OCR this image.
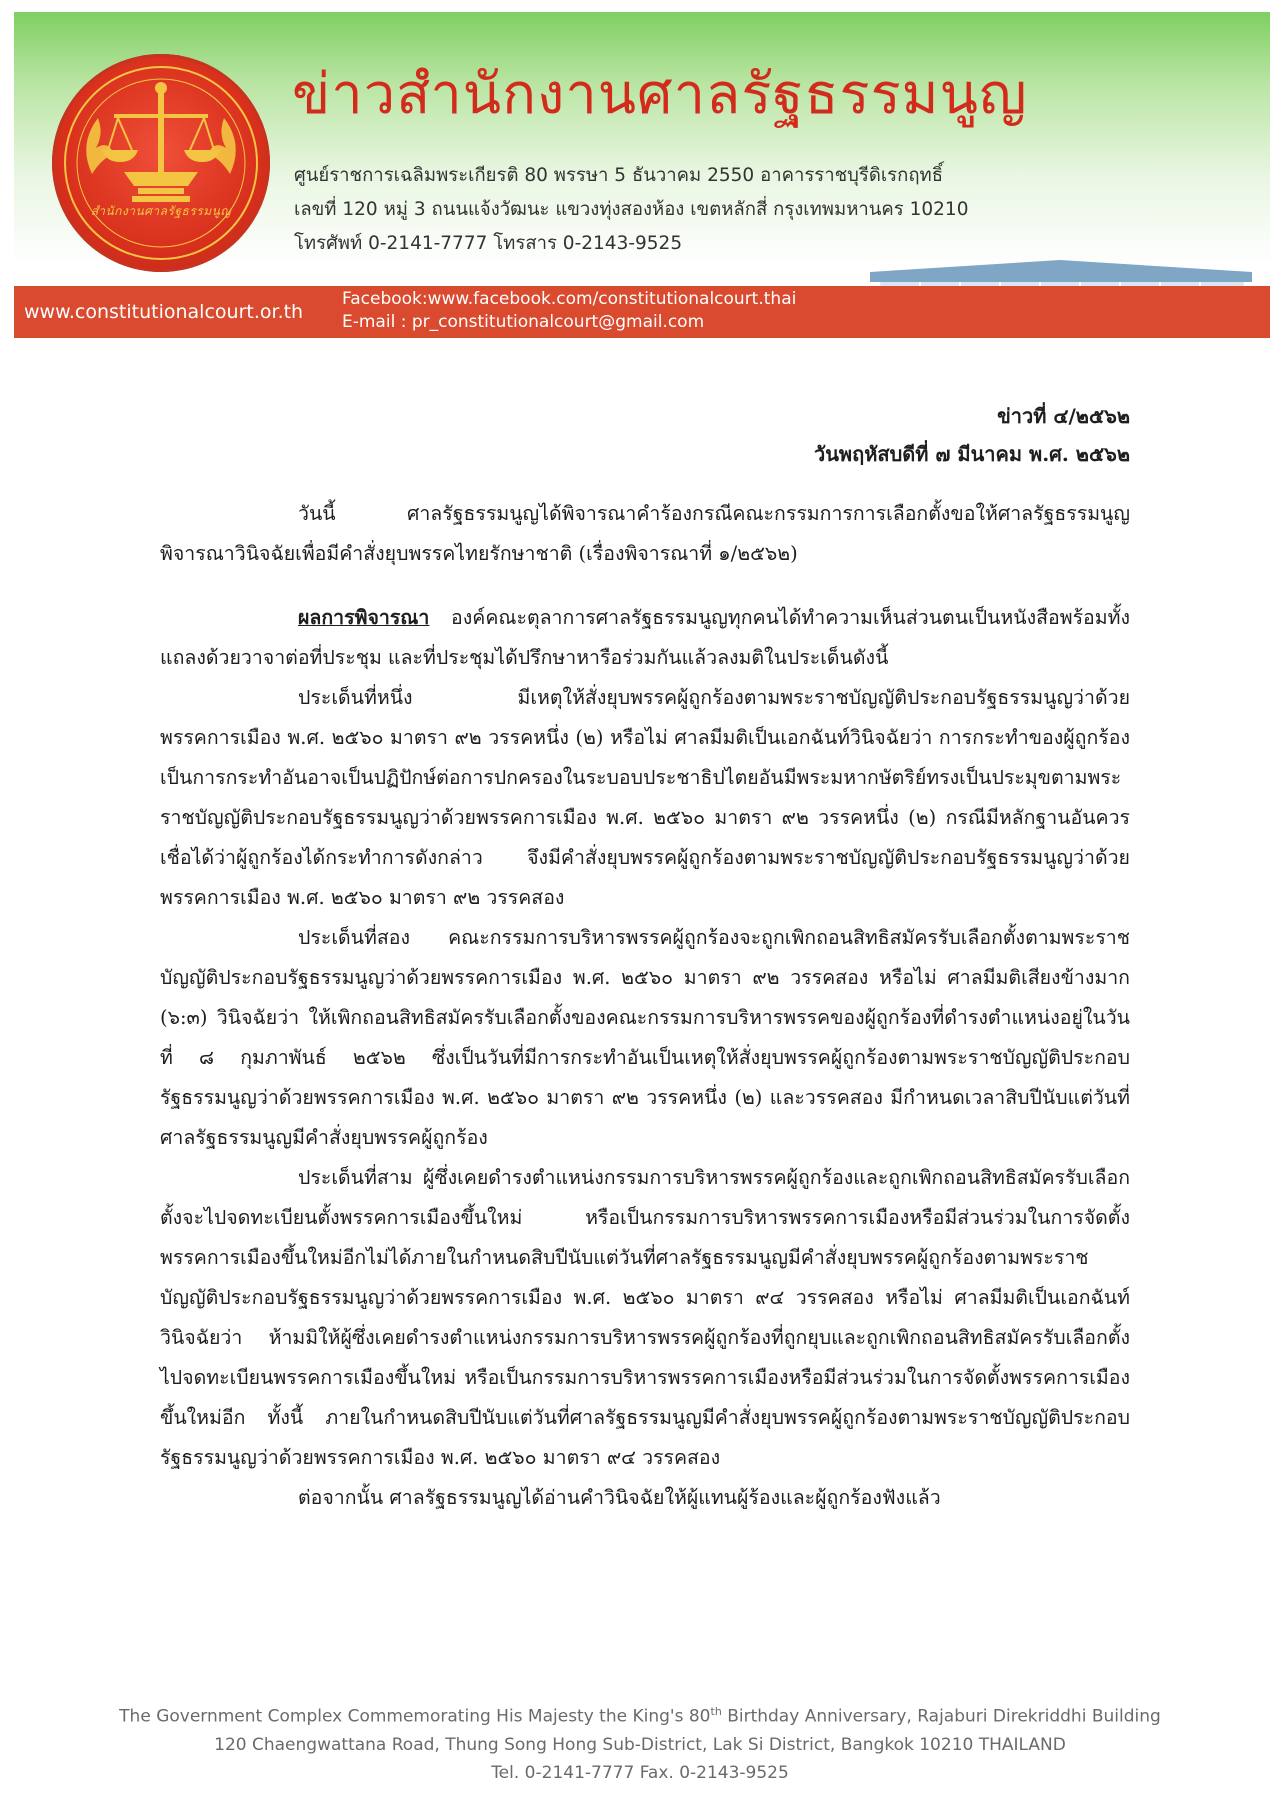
สำนักงานศาลรัฐธรรมนูญ
ข่าวสำนักงานศาลรัฐธรรมนูญ
ศูนย์ราชการเฉลิมพระเกียรติ 80 พรรษา 5 ธันวาคม 2550 อาคารราชบุรีดิเรกฤทธิ์
เลขที่ 120 หมู่ 3 ถนนแจ้งวัฒนะ แขวงทุ่งสองห้อง เขตหลักสี่ กรุงเทพมหานคร 10210
โทรศัพท์ 0-2141-7777 โทรสาร 0-2143-9525
www.constitutionalcourt.or.th
Facebook:www.facebook.com/constitutionalcourt.thai
E-mail : pr_constitutionalcourt@gmail.com
ข่าวที่ ๔/๒๕๖๒
วันพฤหัสบดีที่ ๗ มีนาคม พ.ศ. ๒๕๖๒

วันนี้ ศาลรัฐธรรมนูญได้พิจารณาคำร้องกรณีคณะกรรมการการเลือกตั้งขอให้ศาลรัฐธรรมนูญพิจารณาวินิจฉัยเพื่อมีคำสั่งยุบพรรคไทยรักษาชาติ (เรื่องพิจารณาที่ ๑/๒๕๖๒)

ผลการพิจารณา องค์คณะตุลาการศาลรัฐธรรมนูญทุกคนได้ทำความเห็นส่วนตนเป็นหนังสือพร้อมทั้งแถลงด้วยวาจาต่อที่ประชุม และที่ประชุมได้ปรึกษาหารือร่วมกันแล้วลงมติในประเด็นดังนี้

ประเด็นที่หนึ่ง มีเหตุให้สั่งยุบพรรคผู้ถูกร้องตามพระราชบัญญัติประกอบรัฐธรรมนูญว่าด้วยพรรคการเมือง พ.ศ. ๒๕๖๐ มาตรา ๙๒ วรรคหนึ่ง (๒) หรือไม่ ศาลมีมติเป็นเอกฉันท์วินิจฉัยว่า การกระทำของผู้ถูกร้องเป็นการกระทำอันอาจเป็นปฏิปักษ์ต่อการปกครองในระบอบประชาธิปไตยอันมีพระมหากษัตริย์ทรงเป็นประมุขตามพระราชบัญญัติประกอบรัฐธรรมนูญว่าด้วยพรรคการเมือง พ.ศ. ๒๕๖๐ มาตรา ๙๒ วรรคหนึ่ง (๒) กรณีมีหลักฐานอันควรเชื่อได้ว่าผู้ถูกร้องได้กระทำการดังกล่าว จึงมีคำสั่งยุบพรรคผู้ถูกร้องตามพระราชบัญญัติประกอบรัฐธรรมนูญว่าด้วยพรรคการเมือง พ.ศ. ๒๕๖๐ มาตรา ๙๒ วรรคสอง

ประเด็นที่สอง คณะกรรมการบริหารพรรคผู้ถูกร้องจะถูกเพิกถอนสิทธิสมัครรับเลือกตั้งตามพระราชบัญญัติประกอบรัฐธรรมนูญว่าด้วยพรรคการเมือง พ.ศ. ๒๕๖๐ มาตรา ๙๒ วรรคสอง หรือไม่ ศาลมีมติเสียงข้างมาก (๖:๓) วินิจฉัยว่า ให้เพิกถอนสิทธิสมัครรับเลือกตั้งของคณะกรรมการบริหารพรรคของผู้ถูกร้องที่ดำรงตำแหน่งอยู่ในวันที่ ๘ กุมภาพันธ์ ๒๕๖๒ ซึ่งเป็นวันที่มีการกระทำอันเป็นเหตุให้สั่งยุบพรรคผู้ถูกร้องตามพระราชบัญญัติประกอบรัฐธรรมนูญว่าด้วยพรรคการเมือง พ.ศ. ๒๕๖๐ มาตรา ๙๒ วรรคหนึ่ง (๒) และวรรคสอง มีกำหนดเวลาสิบปีนับแต่วันที่ศาลรัฐธรรมนูญมีคำสั่งยุบพรรคผู้ถูกร้อง

ประเด็นที่สาม ผู้ซึ่งเคยดำรงตำแหน่งกรรมการบริหารพรรคผู้ถูกร้องและถูกเพิกถอนสิทธิสมัครรับเลือกตั้งจะไปจดทะเบียนตั้งพรรคการเมืองขึ้นใหม่ หรือเป็นกรรมการบริหารพรรคการเมืองหรือมีส่วนร่วมในการจัดตั้งพรรคการเมืองขึ้นใหม่อีกไม่ได้ภายในกำหนดสิบปีนับแต่วันที่ศาลรัฐธรรมนูญมีคำสั่งยุบพรรคผู้ถูกร้องตามพระราชบัญญัติประกอบรัฐธรรมนูญว่าด้วยพรรคการเมือง พ.ศ. ๒๕๖๐ มาตรา ๙๔ วรรคสอง หรือไม่ ศาลมีมติเป็นเอกฉันท์วินิจฉัยว่า ห้ามมิให้ผู้ซึ่งเคยดำรงตำแหน่งกรรมการบริหารพรรคผู้ถูกร้องที่ถูกยุบและถูกเพิกถอนสิทธิสมัครรับเลือกตั้งไปจดทะเบียนพรรคการเมืองขึ้นใหม่ หรือเป็นกรรมการบริหารพรรคการเมืองหรือมีส่วนร่วมในการจัดตั้งพรรคการเมืองขึ้นใหม่อีก ทั้งนี้ ภายในกำหนดสิบปีนับแต่วันที่ศาลรัฐธรรมนูญมีคำสั่งยุบพรรคผู้ถูกร้องตามพระราชบัญญัติประกอบรัฐธรรมนูญว่าด้วยพรรคการเมือง พ.ศ. ๒๕๖๐ มาตรา ๙๔ วรรคสอง

ต่อจากนั้น ศาลรัฐธรรมนูญได้อ่านคำวินิจฉัยให้ผู้แทนผู้ร้องและผู้ถูกร้องฟังแล้ว

The Government Complex Commemorating His Majesty the King's 80th Birthday Anniversary, Rajaburi Direkriddhi Building
120 Chaengwattana Road, Thung Song Hong Sub-District, Lak Si District, Bangkok 10210 THAILAND
Tel. 0-2141-7777 Fax. 0-2143-9525
